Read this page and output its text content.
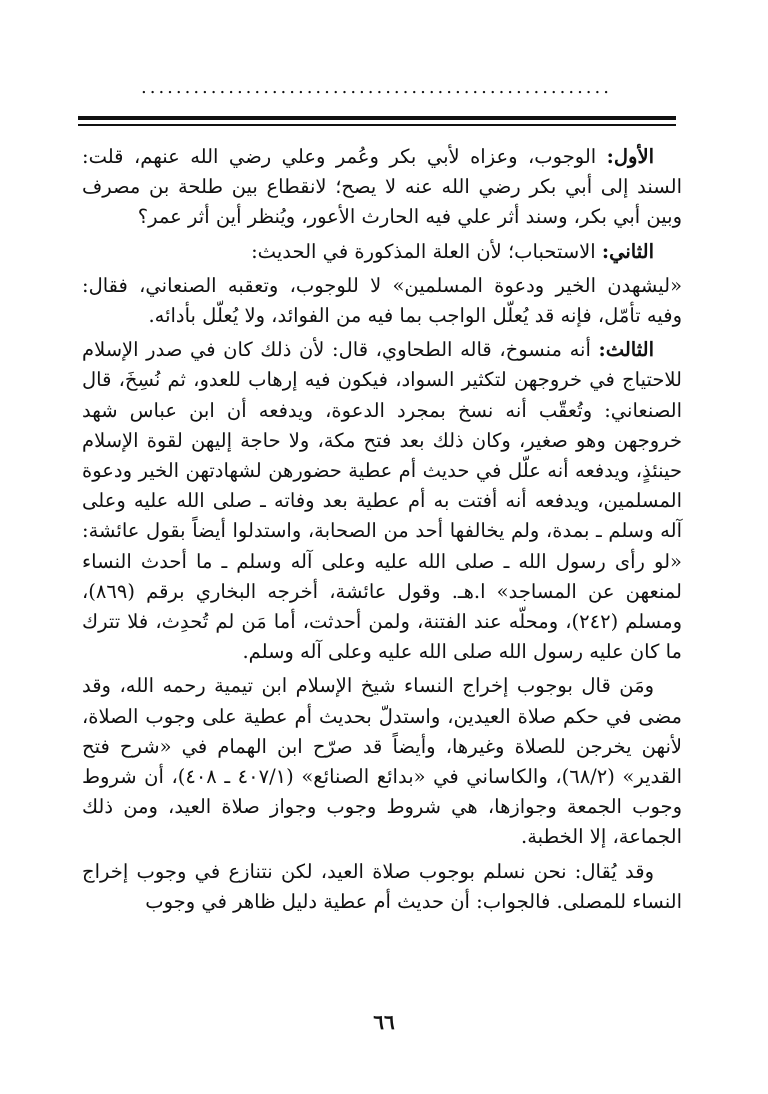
......................................................

الأول: الوجوب، وعزاه لأبي بكر وعُمر وعلي رضي الله عنهم، قلت: السند إلى أبي بكر رضي الله عنه لا يصح؛ لانقطاع بين طلحة بن مصرف وبين أبي بكر، وسند أثر علي فيه الحارث الأعور، ويُنظر أين أثر عمر؟

الثاني: الاستحباب؛ لأن العلة المذكورة في الحديث:

«ليشهدن الخير ودعوة المسلمين» لا للوجوب، وتعقبه الصنعاني، فقال: وفيه تأمّل، فإنه قد يُعلّل الواجب بما فيه من الفوائد، ولا يُعلّل بأدائه.

الثالث: أنه منسوخ، قاله الطحاوي، قال: لأن ذلك كان في صدر الإسلام للاحتياج في خروجهن لتكثير السواد، فيكون فيه إرهاب للعدو، ثم نُسِخَ، قال الصنعاني: وتُعقّب أنه نسخ بمجرد الدعوة، ويدفعه أن ابن عباس شهد خروجهن وهو صغير، وكان ذلك بعد فتح مكة، ولا حاجة إليهن لقوة الإسلام حينئذٍ، ويدفعه أنه علّل في حديث أم عطية حضورهن لشهادتهن الخير ودعوة المسلمين، ويدفعه أنه أفتت به أم عطية بعد وفاته ـ صلى الله عليه وعلى آله وسلم ـ بمدة، ولم يخالفها أحد من الصحابة، واستدلوا أيضاً بقول عائشة: «لو رأى رسول الله ـ صلى الله عليه وعلى آله وسلم ـ ما أحدث النساء لمنعهن عن المساجد» ا.هـ. وقول عائشة، أخرجه البخاري برقم (٨٦٩)، ومسلم (٢٤٢)، ومحلّه عند الفتنة، ولمن أحدثت، أما مَن لم تُحدِث، فلا تترك ما كان عليه رسول الله صلى الله عليه وعلى آله وسلم.

ومَن قال بوجوب إخراج النساء شيخ الإسلام ابن تيمية رحمه الله، وقد مضى في حكم صلاة العيدين، واستدلّ بحديث أم عطية على وجوب الصلاة، لأنهن يخرجن للصلاة وغيرها، وأيضاً قد صرّح ابن الهمام في «شرح فتح القدير» (٦٨/٢)، والكاساني في «بدائع الصنائع» (٤٠٧/١ ـ ٤٠٨)، أن شروط وجوب الجمعة وجوازها، هي شروط وجوب وجواز صلاة العيد، ومن ذلك الجماعة، إلا الخطبة.

وقد يُقال: نحن نسلم بوجوب صلاة العيد، لكن نتنازع في وجوب إخراج النساء للمصلى. فالجواب: أن حديث أم عطية دليل ظاهر في وجوب

٦٦
